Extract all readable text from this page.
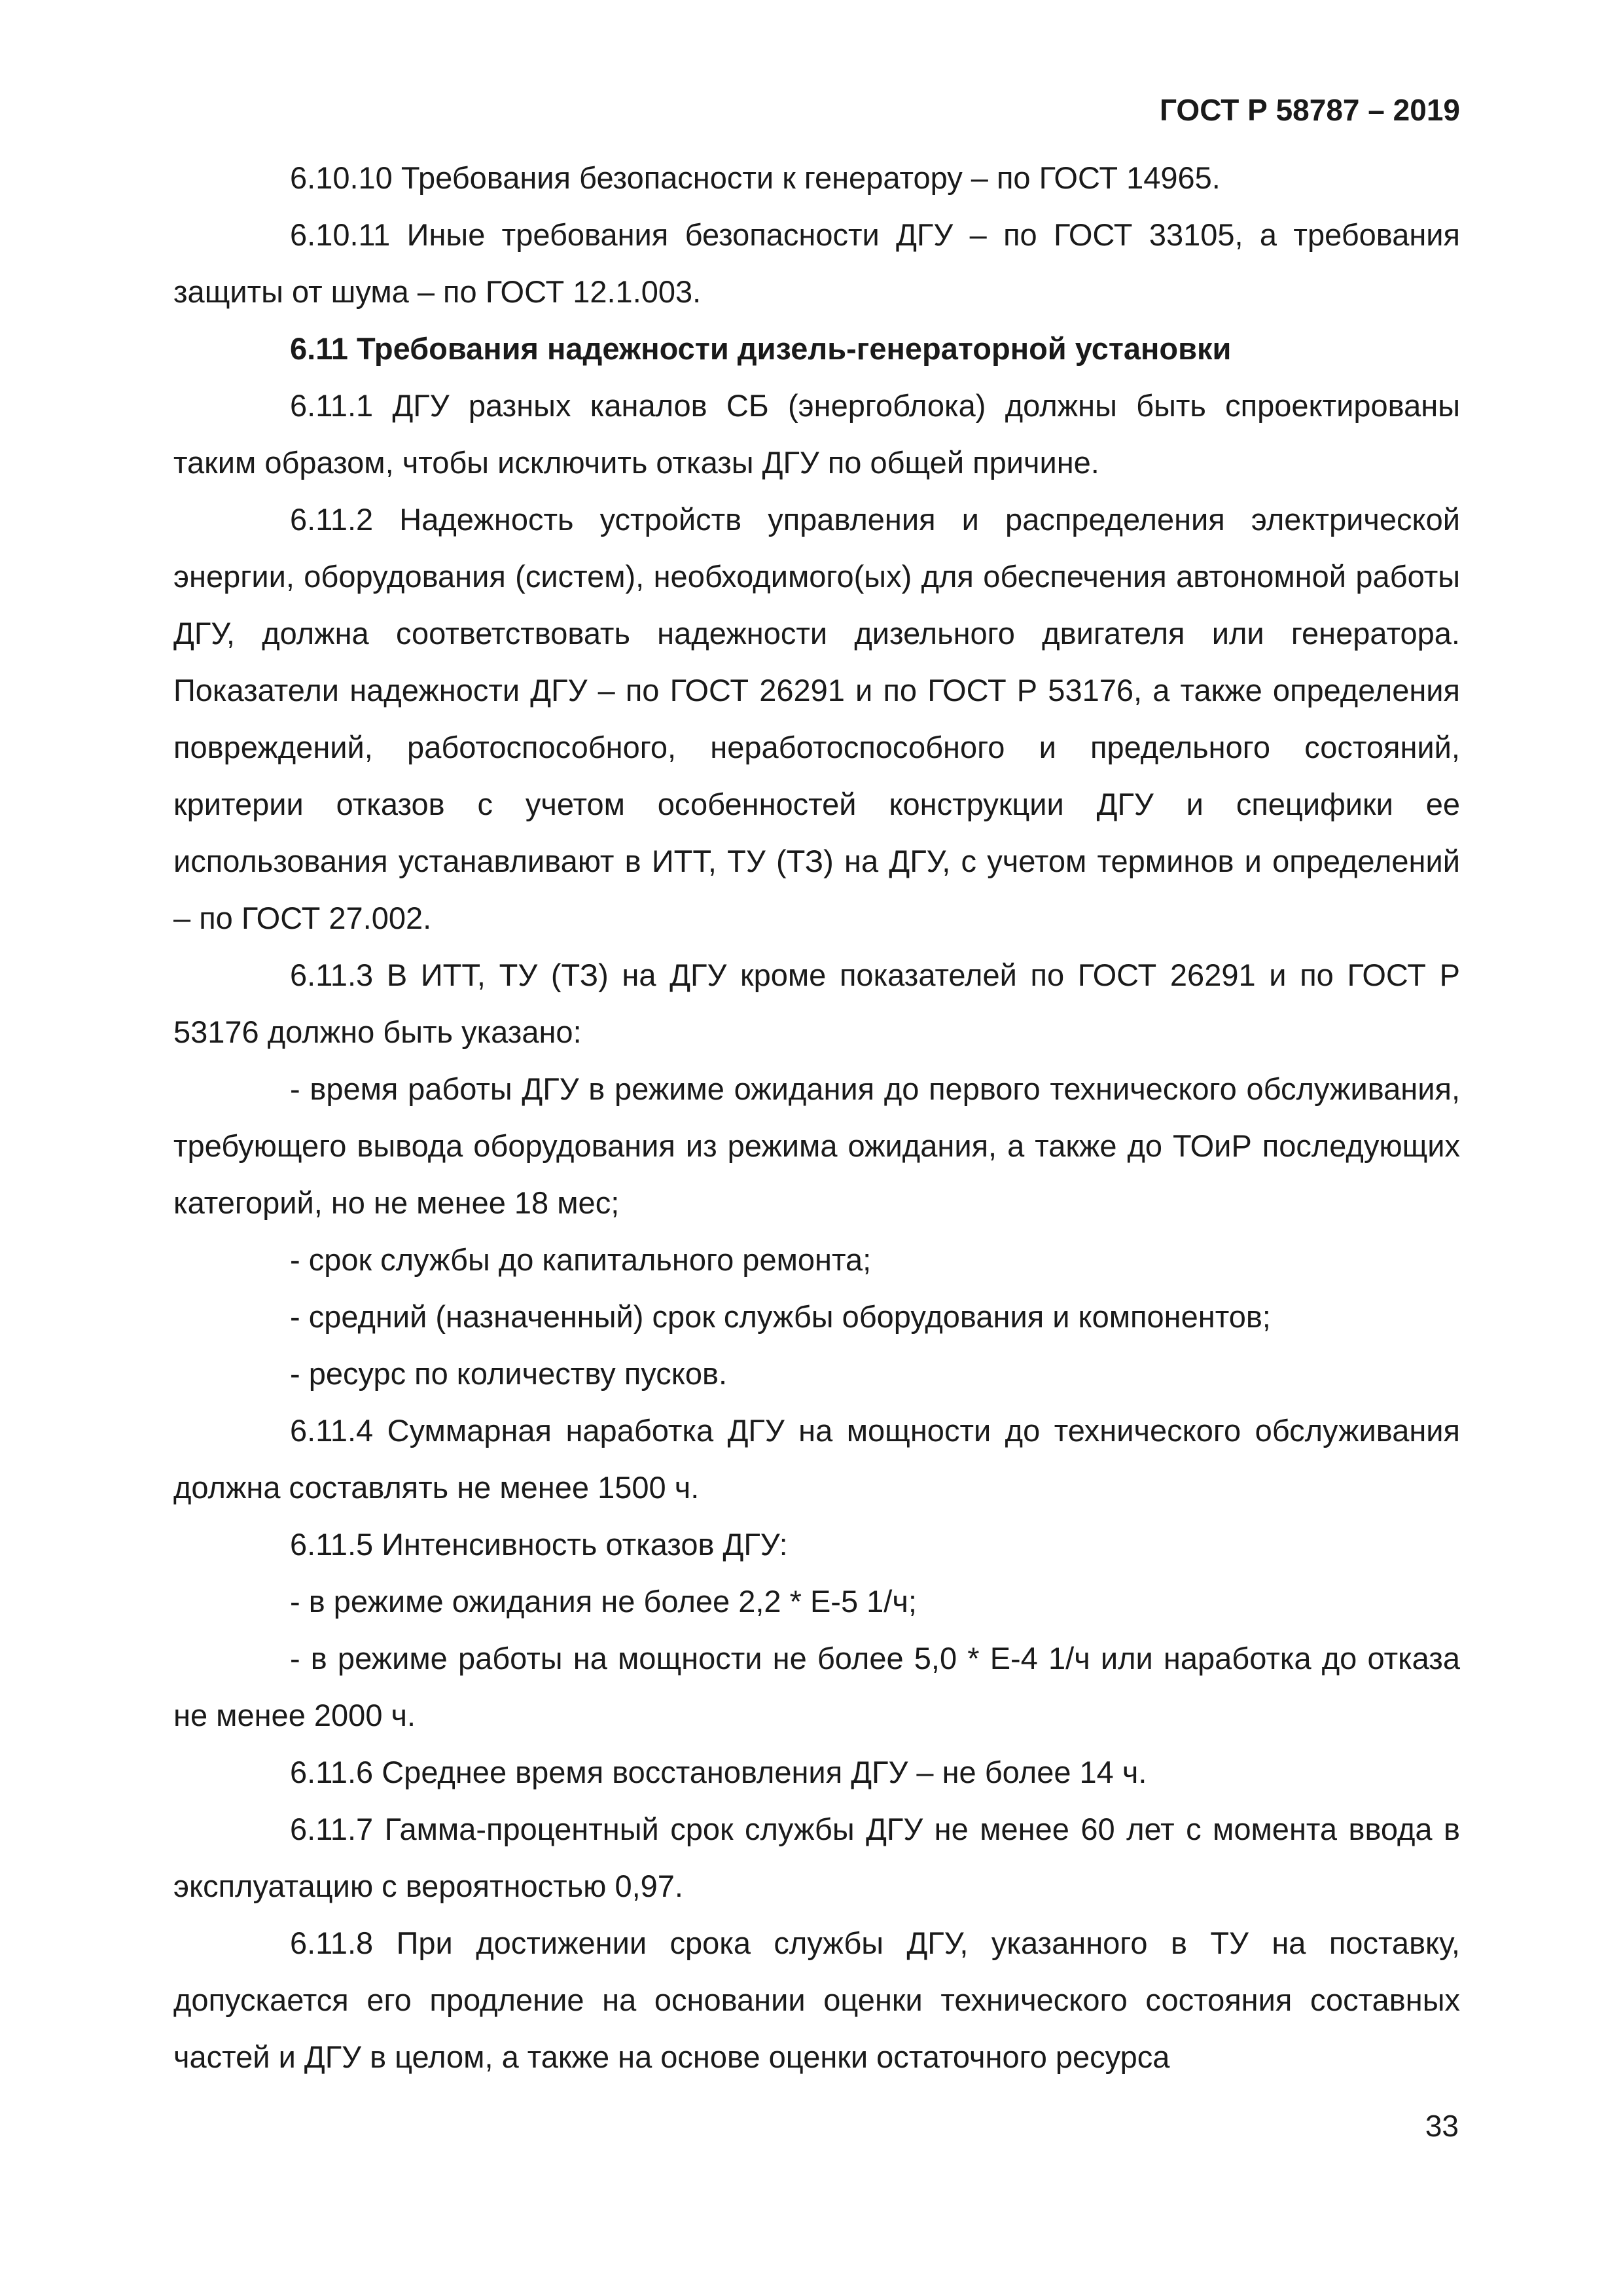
ГОСТ Р 58787 – 2019

6.10.10 Требования безопасности к генератору – по ГОСТ 14965.

6.10.11 Иные требования безопасности ДГУ – по ГОСТ 33105, а требования защиты от шума – по ГОСТ 12.1.003.

6.11 Требования надежности дизель-генераторной установки

6.11.1 ДГУ разных каналов СБ (энергоблока) должны быть спроектированы таким образом, чтобы исключить отказы ДГУ по общей причине.

6.11.2 Надежность устройств управления и распределения электрической энергии, оборудования (систем), необходимого(ых) для обеспечения автономной работы ДГУ, должна соответствовать надежности дизельного двигателя или генератора. Показатели надежности ДГУ – по ГОСТ 26291 и по ГОСТ Р 53176, а также определения повреждений, работоспособного, неработоспособного и предельного состояний, критерии отказов с учетом особенностей конструкции ДГУ и специфики ее использования устанавливают в ИТТ, ТУ (ТЗ) на ДГУ, с учетом терминов и определений – по ГОСТ 27.002.

6.11.3 В ИТТ, ТУ (ТЗ) на ДГУ кроме показателей по ГОСТ 26291 и по ГОСТ Р 53176 должно быть указано:

- время работы ДГУ в режиме ожидания до первого технического обслуживания, требующего вывода оборудования из режима ожидания, а также до ТОиР последующих категорий, но не менее 18 мес;

- срок службы до капитального ремонта;

- средний (назначенный) срок службы оборудования и компонентов;

- ресурс по количеству пусков.

6.11.4 Суммарная наработка ДГУ на мощности до технического обслуживания должна составлять не менее 1500 ч.

6.11.5 Интенсивность отказов ДГУ:

- в режиме ожидания не более 2,2 * Е-5 1/ч;

- в режиме работы на мощности не более 5,0 * Е-4 1/ч или наработка до отказа не менее 2000 ч.

6.11.6 Среднее время восстановления ДГУ – не более 14 ч.

6.11.7 Гамма-процентный срок службы ДГУ не менее 60 лет с момента ввода в эксплуатацию с вероятностью 0,97.

6.11.8 При достижении срока службы ДГУ, указанного в ТУ на поставку, допускается его продление на основании оценки технического состояния составных частей и ДГУ в целом, а также на основе оценки остаточного ресурса

33
